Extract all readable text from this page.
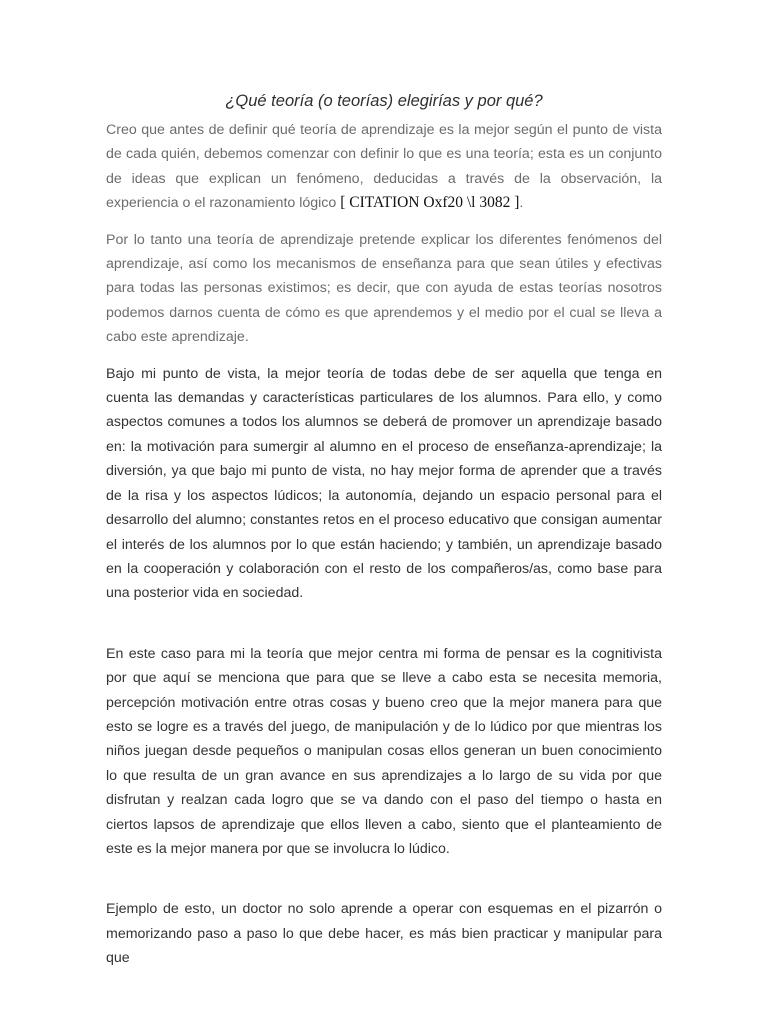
¿Qué teoría (o teorías) elegirías y por qué?

Creo que antes de definir qué teoría de aprendizaje es la mejor según el punto de vista de cada quién, debemos comenzar con definir lo que es una teoría; esta es un conjunto de ideas que explican un fenómeno, deducidas a través de la observación, la experiencia o el razonamiento lógico [ CITATION Oxf20 \l 3082 ].

Por lo tanto una teoría de aprendizaje pretende explicar los diferentes fenómenos del aprendizaje, así como los mecanismos de enseñanza para que sean útiles y efectivas para todas las personas existimos; es decir, que con ayuda de estas teorías nosotros podemos darnos cuenta de cómo es que aprendemos y el medio por el cual se lleva a cabo este aprendizaje.

Bajo mi punto de vista, la mejor teoría de todas debe de ser aquella que tenga en cuenta las demandas y características particulares de los alumnos. Para ello, y como aspectos comunes a todos los alumnos se deberá de promover un aprendizaje basado en: la motivación para sumergir al alumno en el proceso de enseñanza-aprendizaje; la diversión, ya que bajo mi punto de vista, no hay mejor forma de aprender que a través de la risa y los aspectos lúdicos; la autonomía, dejando un espacio personal para el desarrollo del alumno; constantes retos en el proceso educativo que consigan aumentar el interés de los alumnos por lo que están haciendo; y también, un aprendizaje basado en la cooperación y colaboración con el resto de los compañeros/as, como base para una posterior vida en sociedad.

En este caso para mi la teoría que mejor centra mi forma de pensar es la cognitivista por que aquí se menciona que para que se lleve a cabo esta se necesita memoria, percepción motivación entre otras cosas y bueno creo que la mejor manera para que esto se logre es a través del juego, de manipulación y de lo lúdico por que mientras los niños juegan desde pequeños o manipulan cosas ellos generan un buen conocimiento lo que resulta de un gran avance en sus aprendizajes a lo largo de su vida por que disfrutan y realzan cada logro que se va dando con el paso del tiempo o hasta en ciertos lapsos de aprendizaje que ellos lleven a cabo, siento que el planteamiento de este es la mejor manera por que se involucra lo lúdico.

Ejemplo de esto, un doctor no solo aprende a operar con esquemas en el pizarrón o memorizando paso a paso lo que debe hacer, es más bien practicar y manipular para que
